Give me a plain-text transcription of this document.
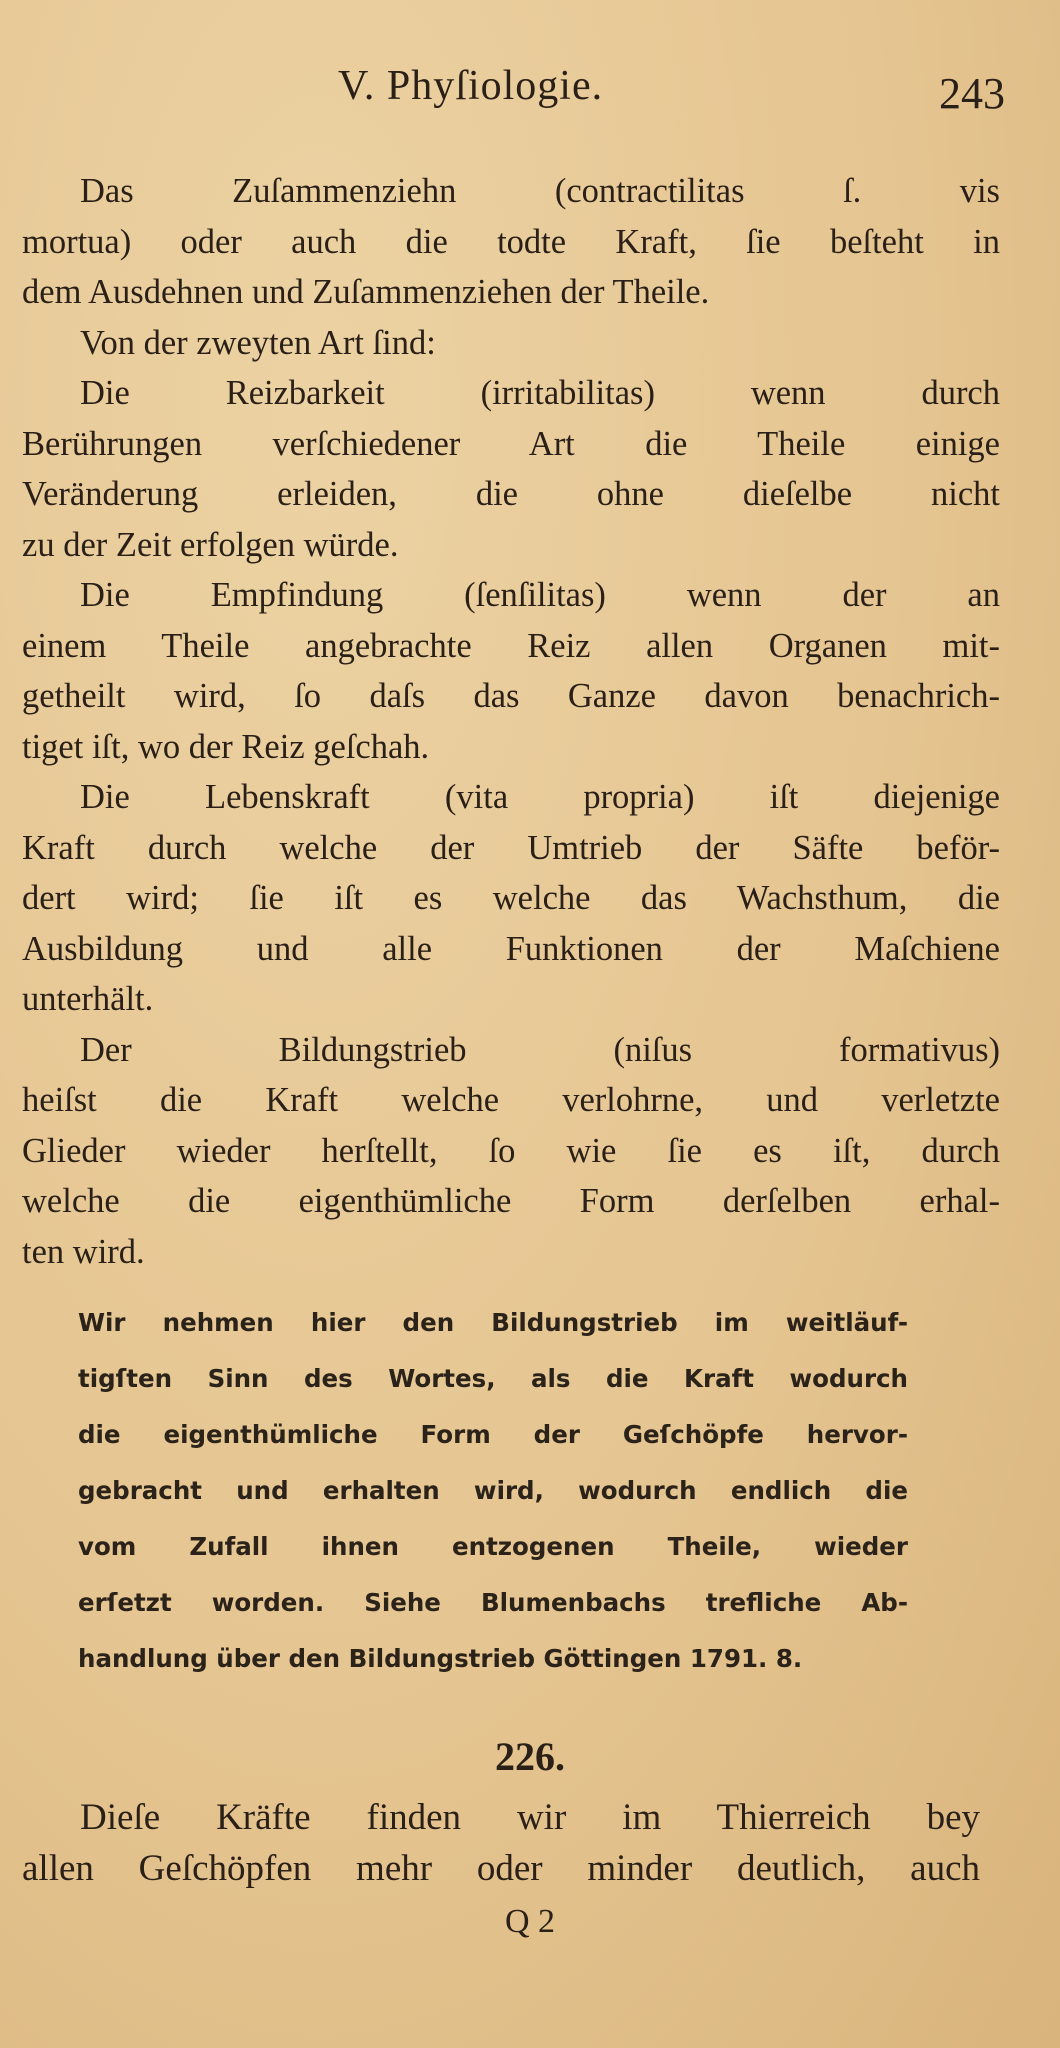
V. Phyſiologie.	243
Das Zuſammenziehn (contractilitas ſ. vis
mortua) oder auch die todte Kraft, ſie beſteht in
dem Ausdehnen und Zuſammenziehen der Theile.
Von der zweyten Art ſind:
Die Reizbarkeit (irritabilitas) wenn durch
Berührungen verſchiedener Art die Theile einige
Veränderung erleiden, die ohne dieſelbe nicht
zu der Zeit erfolgen würde.
Die Empfindung (ſenſilitas) wenn der an
einem Theile angebrachte Reiz allen Organen mit-
getheilt wird, ſo daſs das Ganze davon benachrich-
tiget iſt, wo der Reiz geſchah.
Die Lebenskraft (vita propria) iſt diejenige
Kraft durch welche der Umtrieb der Säfte beför-
dert wird; ſie iſt es welche das Wachsthum, die
Ausbildung und alle Funktionen der Maſchiene
unterhält.
Der Bildungstrieb (niſus formativus)
heiſst die Kraft welche verlohrne, und verletzte
Glieder wieder herſtellt, ſo wie ſie es iſt, durch
welche die eigenthümliche Form derſelben erhal-
ten wird.
Wir nehmen hier den Bildungstrieb im weitläuf-
tigſten Sinn des Wortes, als die Kraft wodurch
die eigenthümliche Form der Geſchöpfe hervor-
gebracht und erhalten wird, wodurch endlich die
vom Zufall ihnen entzogenen Theile, wieder
erſetzt worden. Siehe Blumenbachs trefliche Ab-
handlung über den Bildungstrieb Göttingen 1791. 8.
226.
Dieſe Kräfte finden wir im Thierreich bey
allen Geſchöpfen mehr oder minder deutlich, auch
Q 2
